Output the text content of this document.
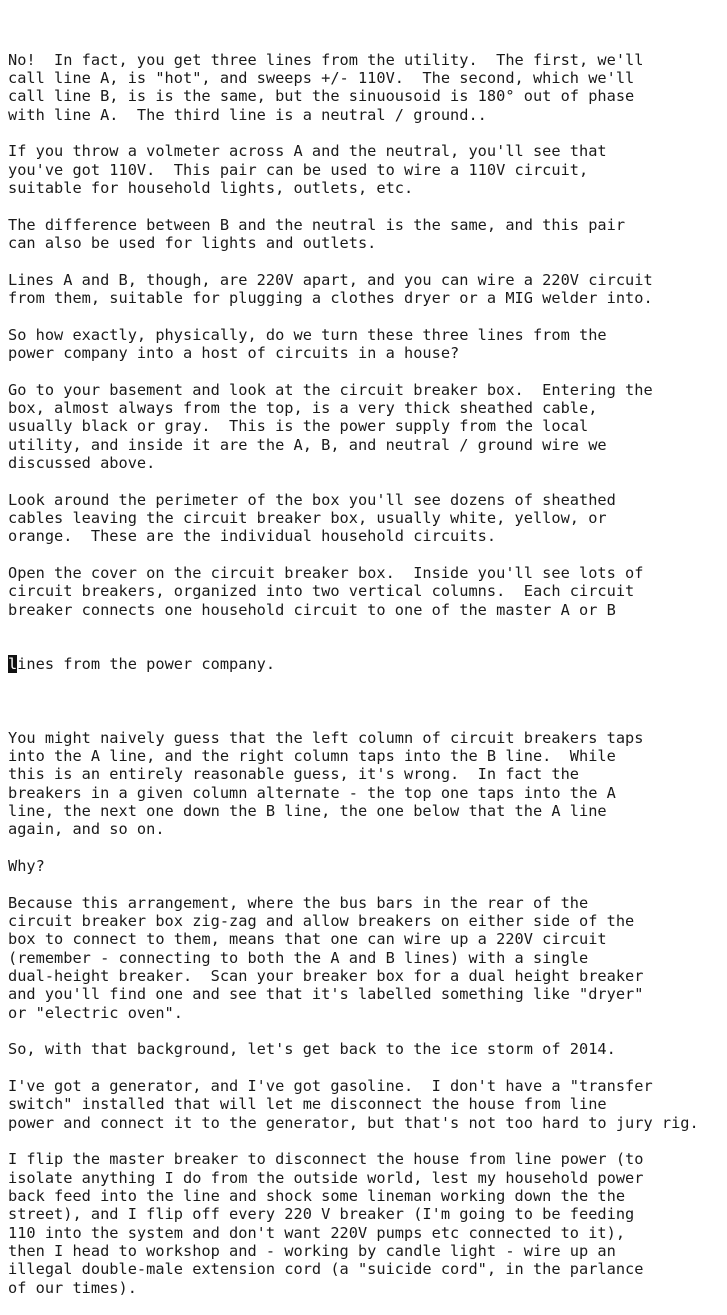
No!  In fact, you get three lines from the utility.  The first, we'll
call line A, is "hot", and sweeps +/- 110V.  The second, which we'll
call line B, is is the same, but the sinuousoid is 180° out of phase
with line A.  The third line is a neutral / ground..
If you throw a volmeter across A and the neutral, you'll see that
you've got 110V.  This pair can be used to wire a 110V circuit,
suitable for household lights, outlets, etc.
The difference between B and the neutral is the same, and this pair
can also be used for lights and outlets.
Lines A and B, though, are 220V apart, and you can wire a 220V circuit
from them, suitable for plugging a clothes dryer or a MIG welder into.
So how exactly, physically, do we turn these three lines from the
power company into a host of circuits in a house?
Go to your basement and look at the circuit breaker box.  Entering the
box, almost always from the top, is a very thick sheathed cable,
usually black or gray.  This is the power supply from the local
utility, and inside it are the A, B, and neutral / ground wire we
discussed above.
Look around the perimeter of the box you'll see dozens of sheathed
cables leaving the circuit breaker box, usually white, yellow, or
orange.  These are the individual household circuits.
Open the cover on the circuit breaker box.  Inside you'll see lots of
circuit breakers, organized into two vertical columns.  Each circuit
breaker connects one household circuit to one of the master A or B

lines from the power company.

You might naively guess that the left column of circuit breakers taps
into the A line, and the right column taps into the B line.  While
this is an entirely reasonable guess, it's wrong.  In fact the
breakers in a given column alternate - the top one taps into the A
line, the next one down the B line, the one below that the A line
again, and so on.
Why?
Because this arrangement, where the bus bars in the rear of the
circuit breaker box zig-zag and allow breakers on either side of the
box to connect to them, means that one can wire up a 220V circuit
(remember - connecting to both the A and B lines) with a single
dual-height breaker.  Scan your breaker box for a dual height breaker
and you'll find one and see that it's labelled something like "dryer"
or "electric oven".
So, with that background, let's get back to the ice storm of 2014.
I've got a generator, and I've got gasoline.  I don't have a "transfer
switch" installed that will let me disconnect the house from line
power and connect it to the generator, but that's not too hard to jury rig.
I flip the master breaker to disconnect the house from line power (to
isolate anything I do from the outside world, lest my household power
back feed into the line and shock some lineman working down the the
street), and I flip off every 220 V breaker (I'm going to be feeding
110 into the system and don't want 220V pumps etc connected to it),
then I head to workshop and - working by candle light - wire up an
illegal double-male extension cord (a "suicide cord", in the parlance
of our times).
